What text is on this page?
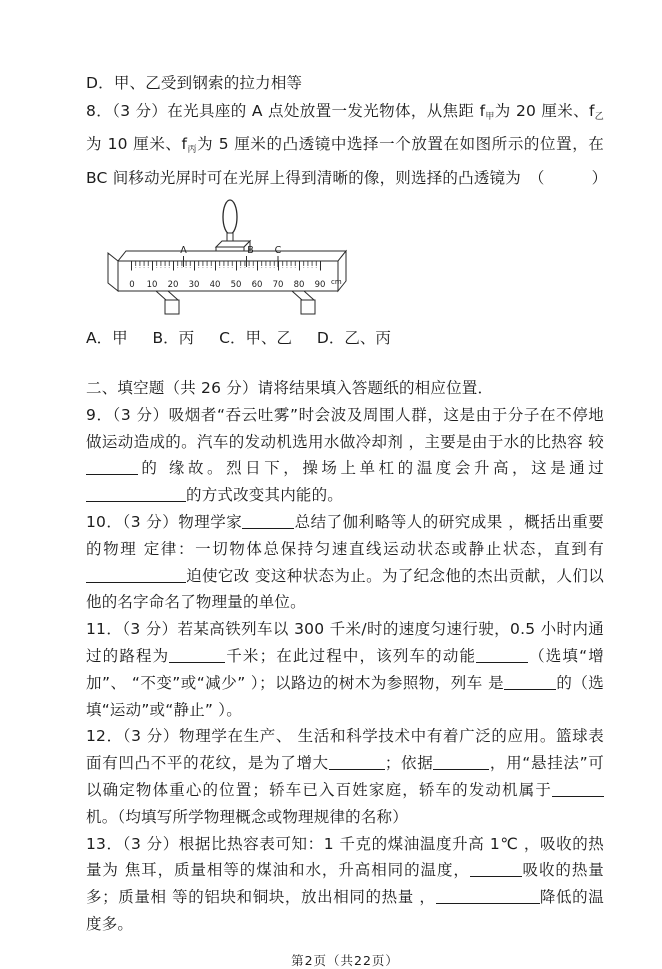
D．甲、乙受到钢索的拉力相等

8．（3 分）在光具座的 A 点处放置一发光物体，从焦距 $f_甲$为 20 厘米、$f_乙$为 10 厘米、$f_丙$为 5 厘米的凸透镜中选择一个放置在如图所示的位置，在 BC 间移动光屏时可在光屏上得到清晰的像，则选择的凸透镜为　（　　　）

A	B C
0 10 20 30 40 50 60 70 80 90 cm

A．甲 B．丙 C．甲、乙 D．乙、丙

二、填空题（共 26 分）请将结果填入答题纸的相应位置．

9．（3 分）吸烟者“吞云吐雾”时会波及周围人群，这是由于分子在不停地做运动造成的。汽车的发动机选用水做冷却剂 ，主要是由于水的比热容 较的 缘故。烈日下，操场上单杠的温度会升高，这是通过的方式改变其内能的。

10．（3 分）物理学家	总结了伽利略等人的研究成果 ，概括出重要的物理 定律：一切物体总保持匀速直线运动状态或静止状态，直到有迫使它改 变这种状态为止。为了纪念他的杰出贡献，人们以他的名字命名了物理量的单位。

11．（3 分）若某高铁列车以 300 千米/时的速度匀速行驶，0.5 小时内通过的路程为	千米；在此过程中，该列车的动能	（选填“增加”、 “不变”或“减少” ）；以路边的树木为参照物，列车 是	的（选填“运动”或“静止” ）。

12．（3 分）物理学在生产、 生活和科学技术中有着广泛的应用。篮球表面有凹凸不平的花纹，是为了增大	；依据	，用“悬挂法”可以确定物体重心的位置；轿车已入百姓家庭，轿车的发动机属于机。（均填写所学物理概念或物理规律的名称）

13．（3 分）根据比热容表可知：1 千克的煤油温度升高 1℃ ，吸收的热量为 焦耳，质量相等的煤油和水，升高相同的温度，	吸收的热量多；质量相 等的铝块和铜块，放出相同的热量 ，	降低的温度多。

第2页（共22页）
